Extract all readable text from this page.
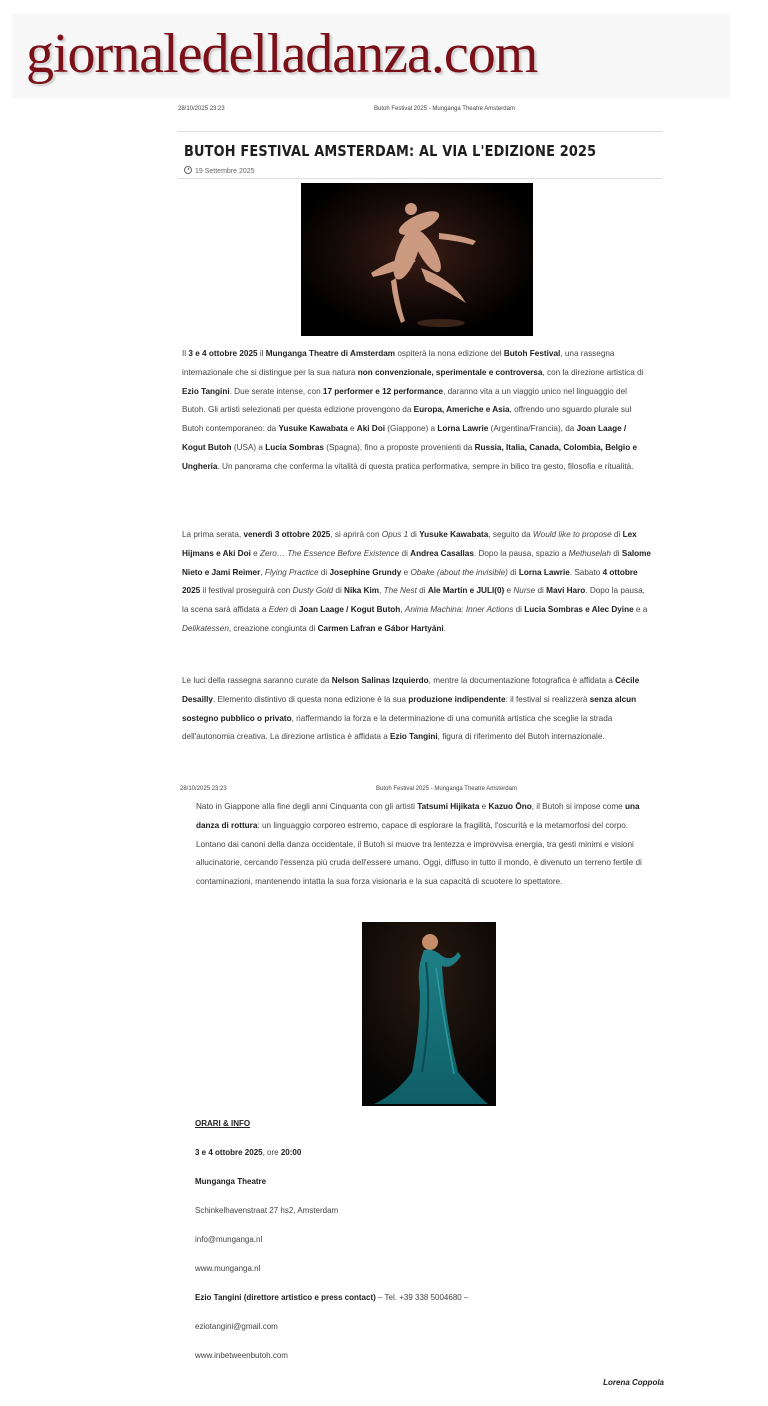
giornaledelladanza.com
28/10/2025 23:23	Butoh Festival 2025 - Munganga Theatre Amsterdam
BUTOH FESTIVAL AMSTERDAM: AL VIA L'EDIZIONE 2025
19 Settembre 2025

Il 3 e 4 ottobre 2025 il Munganga Theatre di Amsterdam ospiterà la nona edizione del Butoh Festival, una rassegna internazionale che si distingue per la sua natura non convenzionale, sperimentale e controversa, con la direzione artistica di Ezio Tangini. Due serate intense, con 17 performer e 12 performance, daranno vita a un viaggio unico nel linguaggio del Butoh. Gli artisti selezionati per questa edizione provengono da Europa, Americhe e Asia, offrendo uno sguardo plurale sul Butoh contemporaneo: da Yusuke Kawabata e Aki Doi (Giappone) a Lorna Lawrie (Argentina/Francia), da Joan Laage / Kogut Butoh (USA) a Lucia Sombras (Spagna), fino a proposte provenienti da Russia, Italia, Canada, Colombia, Belgio e Ungheria. Un panorama che conferma la vitalità di questa pratica performativa, sempre in bilico tra gesto, filosofia e ritualità.

La prima serata, venerdì 3 ottobre 2025, si aprirà con Opus 1 di Yusuke Kawabata, seguito da Would like to propose di Lex Hijmans e Aki Doi e Zero… The Essence Before Existence di Andrea Casallas. Dopo la pausa, spazio a Methuselah di Salome Nieto e Jami Reimer, Flying Practice di Josephine Grundy e Obake (about the invisible) di Lorna Lawrie. Sabato 4 ottobre 2025 il festival proseguirà con Dusty Gold di Nika Kim, The Nest di Ale Martin e JULI(0) e Nurse di Mavi Haro. Dopo la pausa, la scena sarà affidata a Eden di Joan Laage / Kogut Butoh, Anima Machina: Inner Actions di Lucia Sombras e Alec Dyine e a Delikatessen, creazione congiunta di Carmen Lafran e Gábor Hartyáni.

Le luci della rassegna saranno curate da Nelson Salinas Izquierdo, mentre la documentazione fotografica è affidata a Cécile Desailly. Elemento distintivo di questa nona edizione è la sua produzione indipendente: il festival si realizzerà senza alcun sostegno pubblico o privato, riaffermando la forza e la determinazione di una comunità artistica che sceglie la strada dell'autonomia creativa. La direzione artistica è affidata a Ezio Tangini, figura di riferimento del Butoh internazionale.

28/10/2025 23:23	Butoh Festival 2025 - Munganga Theatre Amsterdam

Nato in Giappone alla fine degli anni Cinquanta con gli artisti Tatsumi Hijikata e Kazuo Ōno, il Butoh si impose come una danza di rottura: un linguaggio corporeo estremo, capace di esplorare la fragilità, l'oscurità e la metamorfosi del corpo. Lontano dai canoni della danza occidentale, il Butoh si muove tra lentezza e improvvisa energia, tra gesti minimi e visioni allucinatorie, cercando l'essenza più cruda dell'essere umano. Oggi, diffuso in tutto il mondo, è divenuto un terreno fertile di contaminazioni, mantenendo intatta la sua forza visionaria e la sua capacità di scuotere lo spettatore.

ORARI & INFO
3 e 4 ottobre 2025, ore 20:00
Munganga Theatre
Schinkelhavenstraat 27 hs2, Amsterdam
info@munganga.nl
www.munganga.nl
Ezio Tangini (direttore artistico e press contact) – Tel. +39 338 5004680 –
eziotangini@gmail.com
www.inbetweenbutoh.com
Lorena Coppola
